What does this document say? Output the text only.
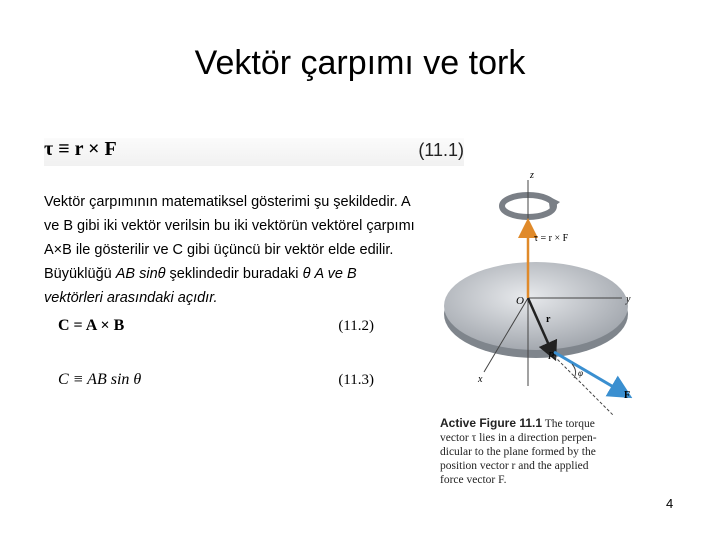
Vektör çarpımı ve tork
τ ≡ r × F	(11.1)
Vektör çarpımının matematiksel gösterimi şu şekildedir. A
ve B gibi iki vektör verilsin bu iki vektörün vektörel çarpımı
A×B ile gösterilir ve C gibi üçüncü bir vektör elde edilir.
Büyüklüğü AB sinθ şeklindedir buradaki θ A ve B
vektörleri arasındaki açıdır.
C = A × B	(11.2)
C ≡ AB sin θ	(11.3)
z
y
x
O
r
P
F
φ
τ = r × F
Active Figure 11.1 The torque
vector τ lies in a direction perpen-
dicular to the plane formed by the
position vector r and the applied
force vector F.
4
